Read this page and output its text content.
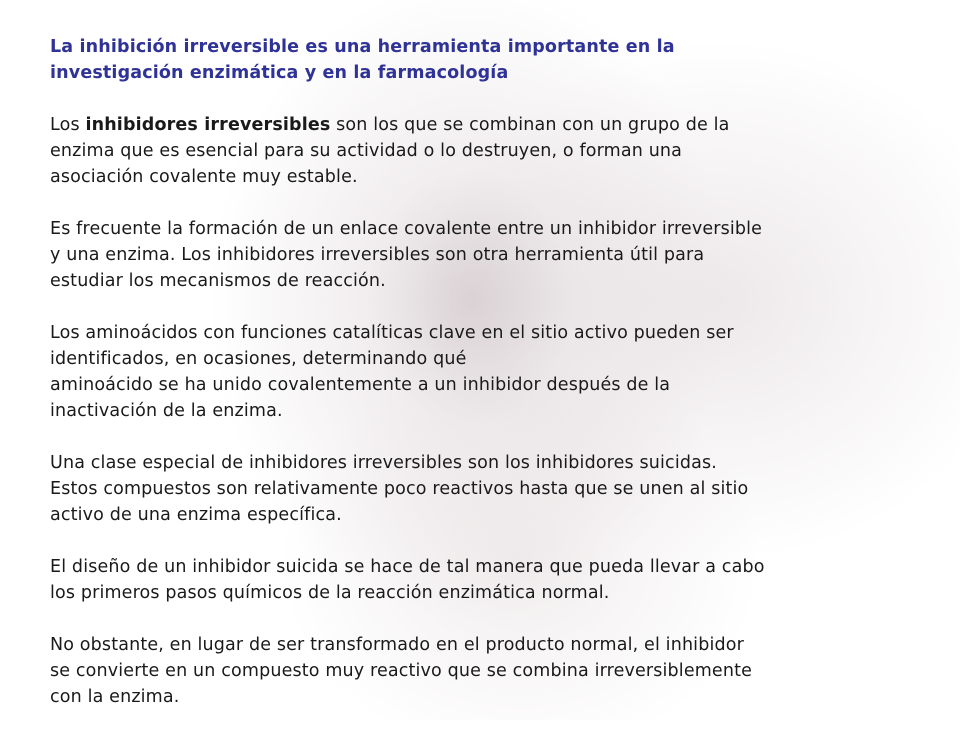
La inhibición irreversible es una herramienta importante en la
investigación enzimática y en la farmacología
Los inhibidores irreversibles son los que se combinan con un grupo de la
enzima que es esencial para su actividad o lo destruyen, o forman una
asociación covalente muy estable.
Es frecuente la formación de un enlace covalente entre un inhibidor irreversible
y una enzima. Los inhibidores irreversibles son otra herramienta útil para
estudiar los mecanismos de reacción.
Los aminoácidos con funciones catalíticas clave en el sitio activo pueden ser
identificados, en ocasiones, determinando qué
aminoácido se ha unido covalentemente a un inhibidor después de la
inactivación de la enzima.
Una clase especial de inhibidores irreversibles son los inhibidores suicidas.
Estos compuestos son relativamente poco reactivos hasta que se unen al sitio
activo de una enzima específica.
El diseño de un inhibidor suicida se hace de tal manera que pueda llevar a cabo
los primeros pasos químicos de la reacción enzimática normal.
No obstante, en lugar de ser transformado en el producto normal, el inhibidor
se convierte en un compuesto muy reactivo que se combina irreversiblemente
con la enzima.
